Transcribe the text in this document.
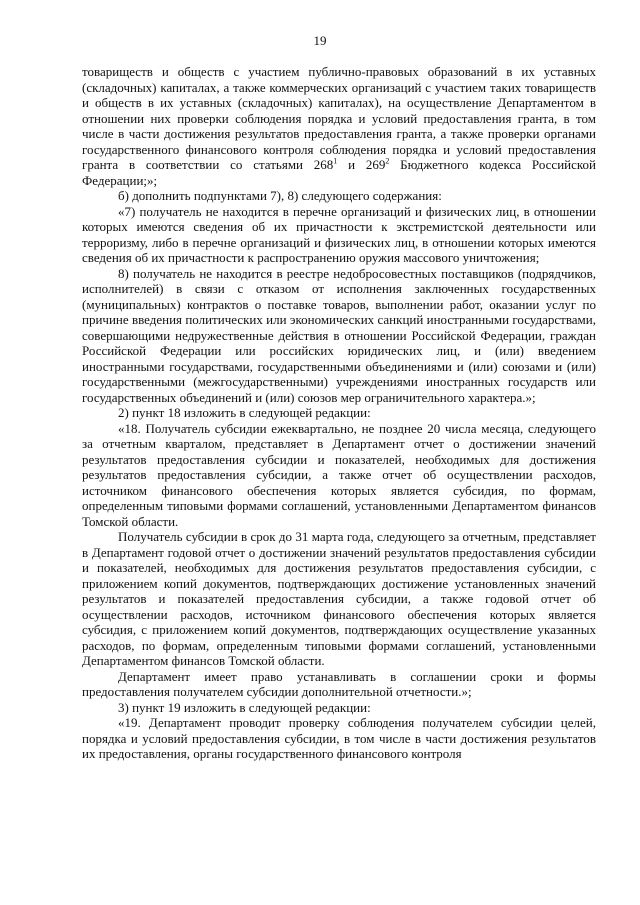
19

товариществ и обществ с участием публично-правовых образований в их уставных (складочных) капиталах, а также коммерческих организаций с участием таких товариществ и обществ в их уставных (складочных) капиталах), на осуществление Департаментом в отношении них проверки соблюдения порядка и условий предоставления гранта, в том числе в части достижения результатов предоставления гранта, а также проверки органами государственного финансового контроля соблюдения порядка и условий предоставления гранта в соответствии со статьями $268^1$ и $269^2$ Бюджетного кодекса Российской Федерации;»;

б) дополнить подпунктами 7), 8) следующего содержания:

«7) получатель не находится в перечне организаций и физических лиц, в отношении которых имеются сведения об их причастности к экстремистской деятельности или терроризму, либо в перечне организаций и физических лиц, в отношении которых имеются сведения об их причастности к распространению оружия массового уничтожения;

8) получатель не находится в реестре недобросовестных поставщиков (подрядчиков, исполнителей) в связи с отказом от исполнения заключенных государственных (муниципальных) контрактов о поставке товаров, выполнении работ, оказании услуг по причине введения политических или экономических санкций иностранными государствами, совершающими недружественные действия в отношении Российской Федерации, граждан Российской Федерации или российских юридических лиц, и (или) введением иностранными государствами, государственными объединениями и (или) союзами и (или) государственными (межгосударственными) учреждениями иностранных государств или государственных объединений и (или) союзов мер ограничительного характера.»;

2) пункт 18 изложить в следующей редакции:

«18. Получатель субсидии ежеквартально, не позднее 20 числа месяца, следующего за отчетным кварталом, представляет в Департамент отчет о достижении значений результатов предоставления субсидии и показателей, необходимых для достижения результатов предоставления субсидии, а также отчет об осуществлении расходов, источником финансового обеспечения которых является субсидия, по формам, определенным типовыми формами соглашений, установленными Департаментом финансов Томской области.

Получатель субсидии в срок до 31 марта года, следующего за отчетным, представляет в Департамент годовой отчет о достижении значений результатов предоставления субсидии и показателей, необходимых для достижения результатов предоставления субсидии, с приложением копий документов, подтверждающих достижение установленных значений результатов и показателей предоставления субсидии, а также годовой отчет об осуществлении расходов, источником финансового обеспечения которых является субсидия, с приложением копий документов, подтверждающих осуществление указанных расходов, по формам, определенным типовыми формами соглашений, установленными Департаментом финансов Томской области.

Департамент имеет право устанавливать в соглашении сроки и формы предоставления получателем субсидии дополнительной отчетности.»;

3) пункт 19 изложить в следующей редакции:

«19. Департамент проводит проверку соблюдения получателем субсидии целей, порядка и условий предоставления субсидии, в том числе в части достижения результатов их предоставления, органы государственного финансового контроля
